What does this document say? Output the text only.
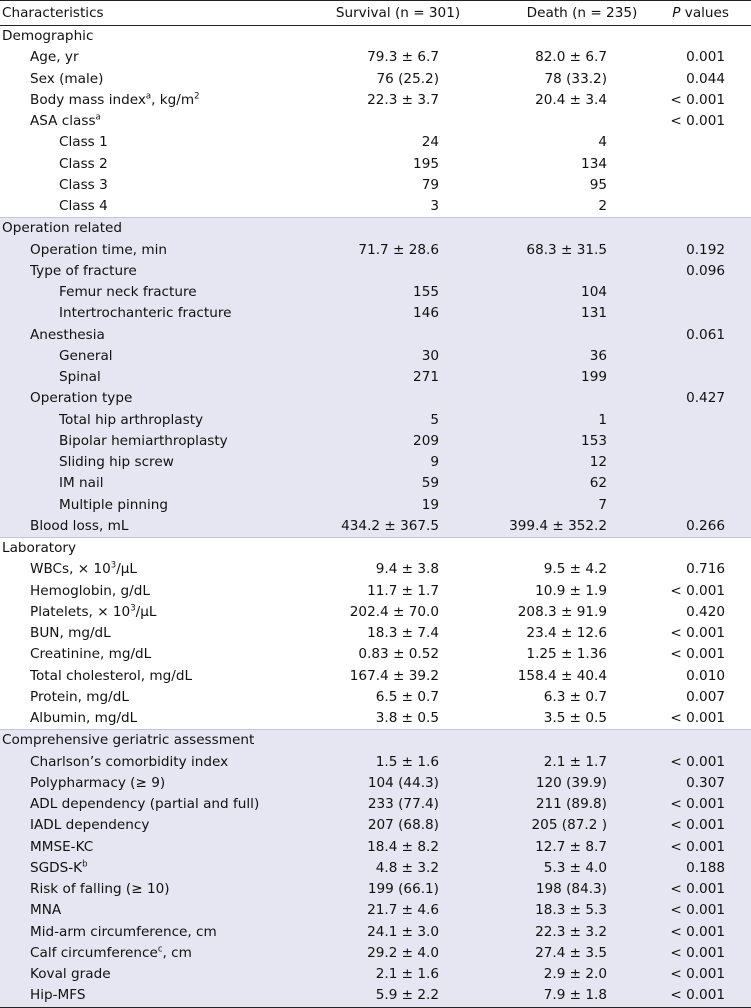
Characteristics	Survival (n = 301)	Death (n = 235)	P values
Demographic			
Age, yr	79.3 ± 6.7	82.0 ± 6.7	0.001
Sex (male)	76 (25.2)	78 (33.2)	0.044
Body mass index$^a$, $kg/m^2$	22.3 ± 3.7	20.4 ± 3.4	< 0.001
ASA class$^a$			< 0.001
Class 1	24	4	
Class 2	195	134	
Class 3	79	95	
Class 4	3	2	
Operation related			
Operation time, min	71.7 ± 28.6	68.3 ± 31.5	0.192
Type of fracture			0.096
Femur neck fracture	155	104	
Intertrochanteric fracture	146	131	
Anesthesia			0.061
General	30	36	
Spinal	271	199	
Operation type			0.427
Total hip arthroplasty	5	1	
Bipolar hemiarthroplasty	209	153	
Sliding hip screw	9	12	
IM nail	59	62	
Multiple pinning	19	7	
Blood loss, mL	434.2 ± 367.5	399.4 ± 352.2	0.266
Laboratory			
WBCs, × $10^3/\mu L$	9.4 ± 3.8	9.5 ± 4.2	0.716
Hemoglobin, g/dL	11.7 ± 1.7	10.9 ± 1.9	< 0.001
Platelets, × $10^3/\mu L$	202.4 ± 70.0	208.3 ± 91.9	0.420
BUN, mg/dL	18.3 ± 7.4	23.4 ± 12.6	< 0.001
Creatinine, mg/dL	0.83 ± 0.52	1.25 ± 1.36	< 0.001
Total cholesterol, mg/dL	167.4 ± 39.2	158.4 ± 40.4	0.010
Protein, mg/dL	6.5 ± 0.7	6.3 ± 0.7	0.007
Albumin, mg/dL	3.8 ± 0.5	3.5 ± 0.5	< 0.001
Comprehensive geriatric assessment			
Charlson’s comorbidity index	1.5 ± 1.6	2.1 ± 1.7	< 0.001
Polypharmacy (≥ 9)	104 (44.3)	120 (39.9)	0.307
ADL dependency (partial and full)	233 (77.4)	211 (89.8)	< 0.001
IADL dependency	207 (68.8)	205 (87.2 )	< 0.001
MMSE-KC	18.4 ± 8.2	12.7 ± 8.7	< 0.001
SGDS-$K^b$	4.8 ± 3.2	5.3 ± 4.0	0.188
Risk of falling (≥ 10)	199 (66.1)	198 (84.3)	< 0.001
MNA	21.7 ± 4.6	18.3 ± 5.3	< 0.001
Mid-arm circumference, cm	24.1 ± 3.0	22.3 ± 3.2	< 0.001
Calf circumference$^c$, cm	29.2 ± 4.0	27.4 ± 3.5	< 0.001
Koval grade	2.1 ± 1.6	2.9 ± 2.0	< 0.001
Hip-MFS	5.9 ± 2.2	7.9 ± 1.8	< 0.001
